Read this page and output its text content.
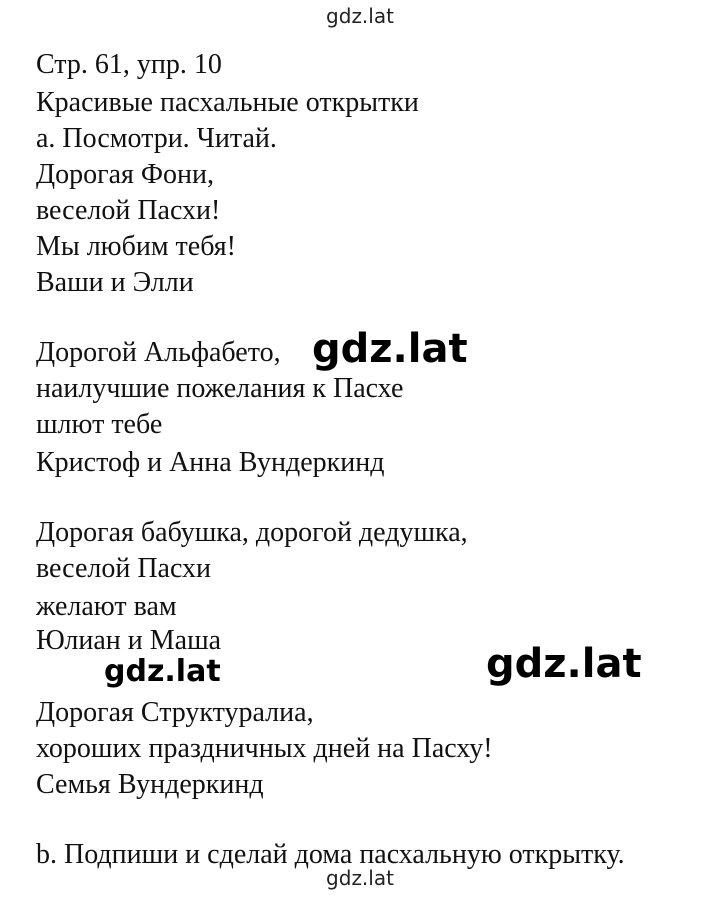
gdz.lat
Стр. 61, упр. 10
Красивые пасхальные открытки
a. Посмотри. Читай.
Дорогая Фони,
веселой Пасхи!
Мы любим тебя!
Ваши и Элли
Дорогой Альфабето,
наилучшие пожелания к Пасхе
шлют тебе
Кристоф и Анна Вундеркинд
Дорогая бабушка, дорогой дедушка,
веселой Пасхи
желают вам
Юлиан и Маша
Дорогая Структуралиа,
хороших праздничных дней на Пасху!
Семья Вундеркинд
b. Подпиши и сделай дома пасхальную открытку.
gdz.lat
gdz.lat	gdz.lat
gdz.lat
